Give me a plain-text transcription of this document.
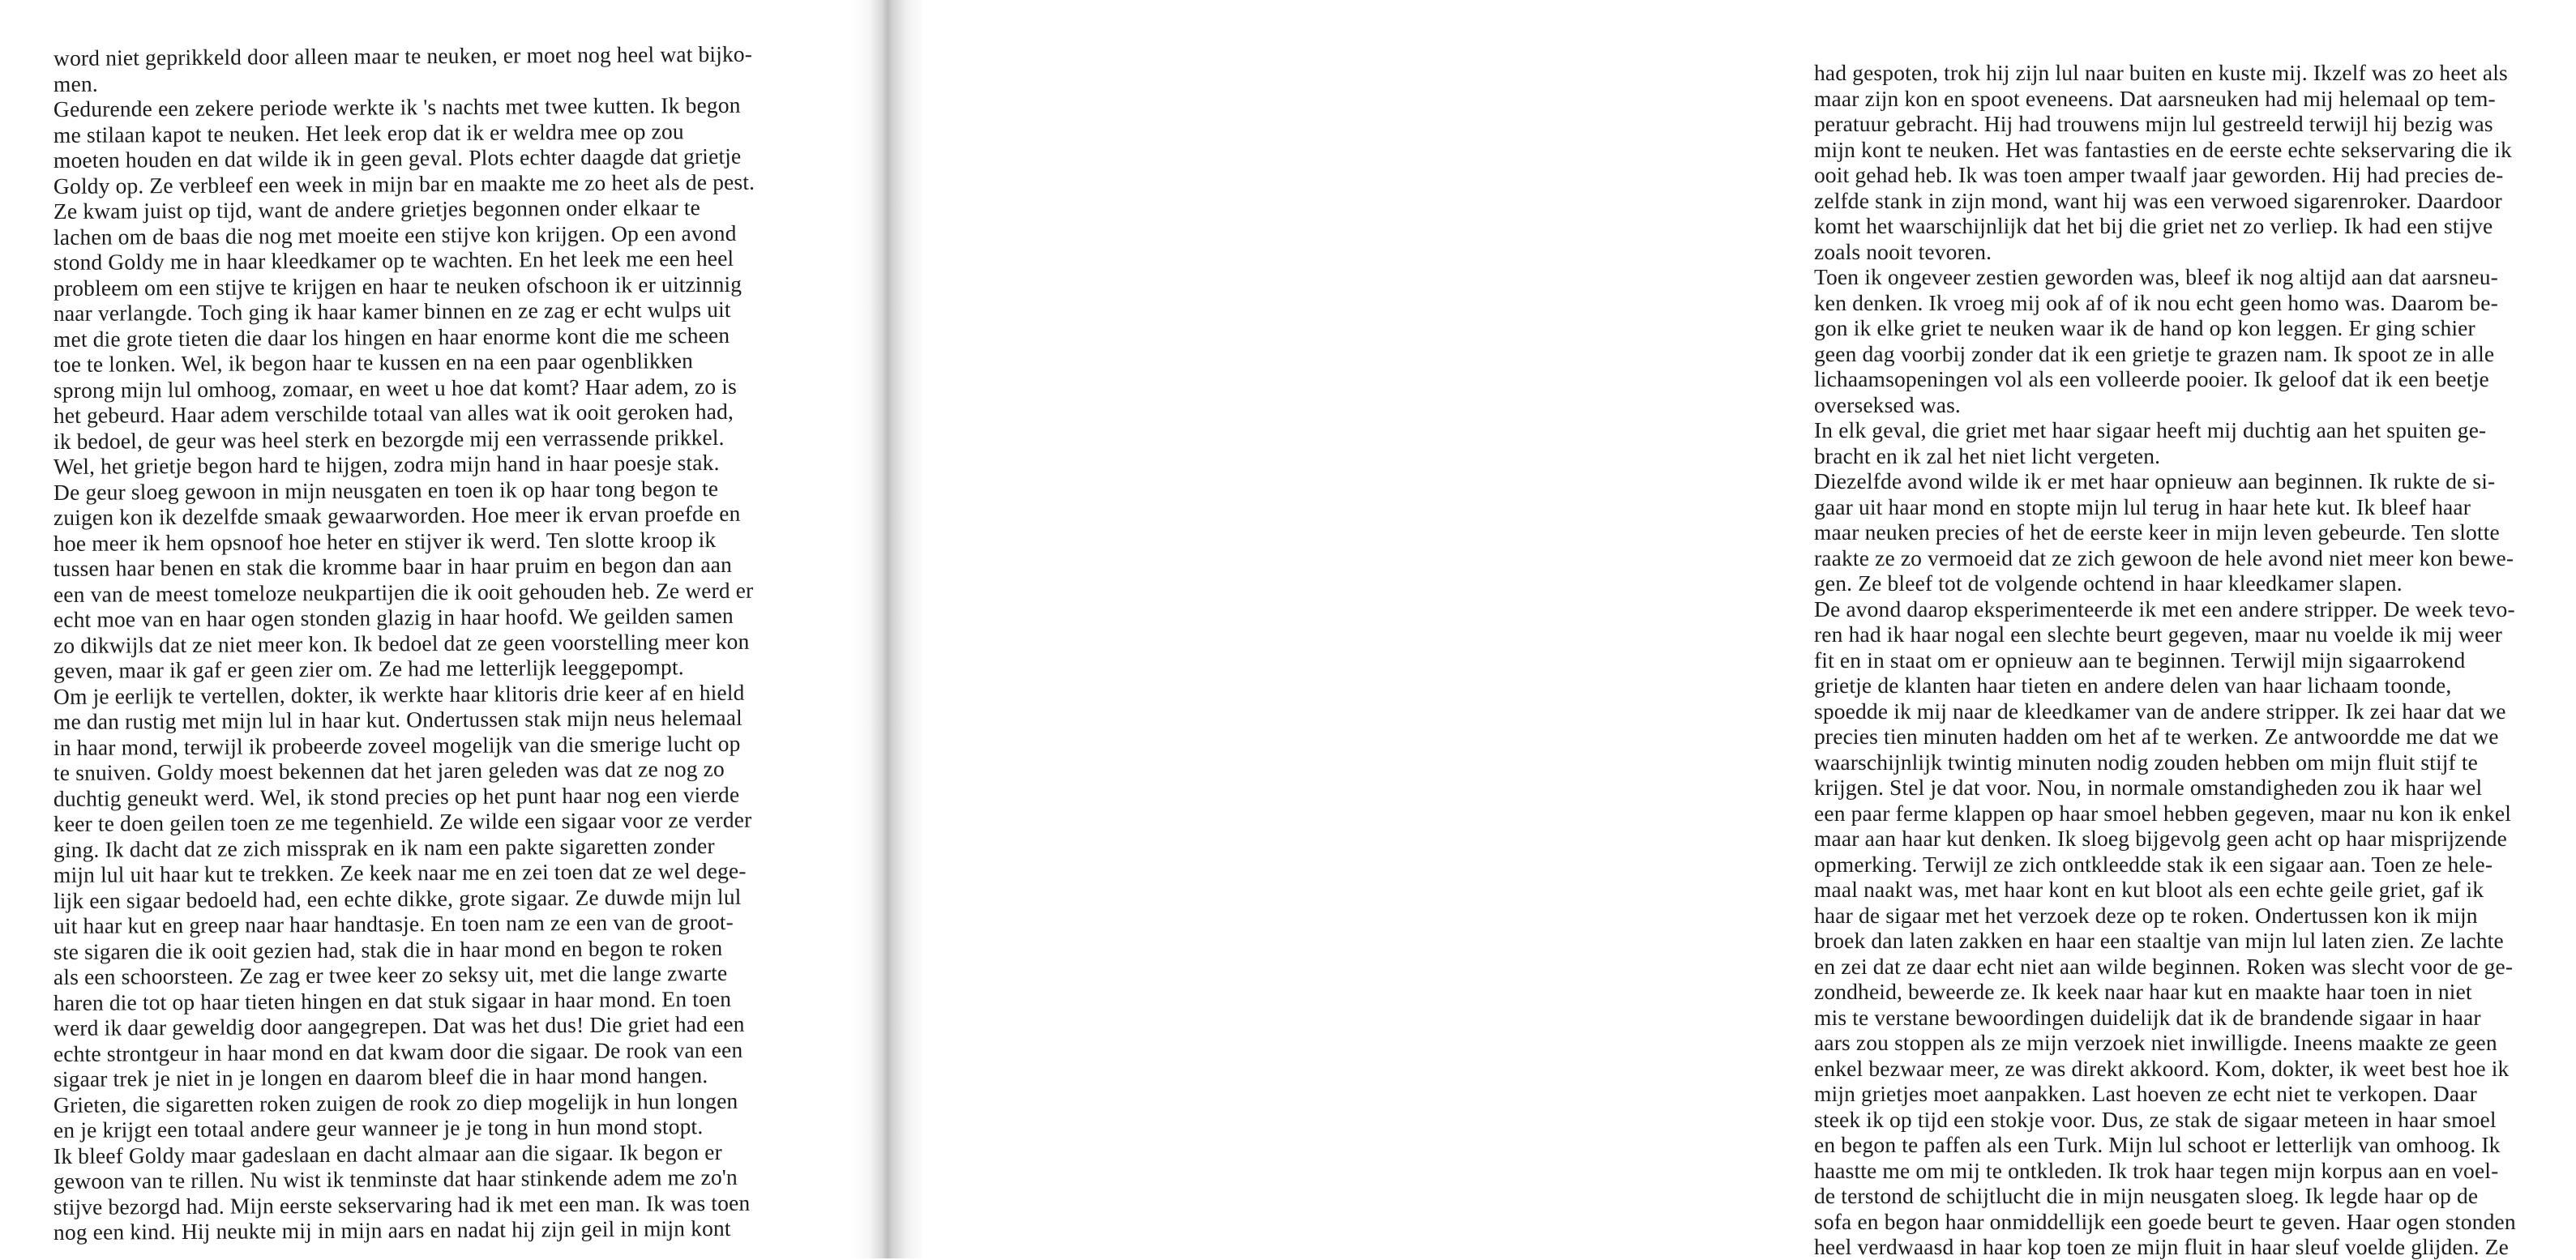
word niet geprikkeld door alleen maar te neuken, er moet nog heel wat bijko-
men.
Gedurende een zekere periode werkte ik 's nachts met twee kutten. Ik begon
me stilaan kapot te neuken. Het leek erop dat ik er weldra mee op zou
moeten houden en dat wilde ik in geen geval. Plots echter daagde dat grietje
Goldy op. Ze verbleef een week in mijn bar en maakte me zo heet als de pest.
Ze kwam juist op tijd, want de andere grietjes begonnen onder elkaar te
lachen om de baas die nog met moeite een stijve kon krijgen. Op een avond
stond Goldy me in haar kleedkamer op te wachten. En het leek me een heel
probleem om een stijve te krijgen en haar te neuken ofschoon ik er uitzinnig
naar verlangde. Toch ging ik haar kamer binnen en ze zag er echt wulps uit
met die grote tieten die daar los hingen en haar enorme kont die me scheen
toe te lonken. Wel, ik begon haar te kussen en na een paar ogenblikken
sprong mijn lul omhoog, zomaar, en weet u hoe dat komt? Haar adem, zo is
het gebeurd. Haar adem verschilde totaal van alles wat ik ooit geroken had,
ik bedoel, de geur was heel sterk en bezorgde mij een verrassende prikkel.
Wel, het grietje begon hard te hijgen, zodra mijn hand in haar poesje stak.
De geur sloeg gewoon in mijn neusgaten en toen ik op haar tong begon te
zuigen kon ik dezelfde smaak gewaarworden. Hoe meer ik ervan proefde en
hoe meer ik hem opsnoof hoe heter en stijver ik werd. Ten slotte kroop ik
tussen haar benen en stak die kromme baar in haar pruim en begon dan aan
een van de meest tomeloze neukpartijen die ik ooit gehouden heb. Ze werd er
echt moe van en haar ogen stonden glazig in haar hoofd. We geilden samen
zo dikwijls dat ze niet meer kon. Ik bedoel dat ze geen voorstelling meer kon
geven, maar ik gaf er geen zier om. Ze had me letterlijk leeggepompt.
Om je eerlijk te vertellen, dokter, ik werkte haar klitoris drie keer af en hield
me dan rustig met mijn lul in haar kut. Ondertussen stak mijn neus helemaal
in haar mond, terwijl ik probeerde zoveel mogelijk van die smerige lucht op
te snuiven. Goldy moest bekennen dat het jaren geleden was dat ze nog zo
duchtig geneukt werd. Wel, ik stond precies op het punt haar nog een vierde
keer te doen geilen toen ze me tegenhield. Ze wilde een sigaar voor ze verder
ging. Ik dacht dat ze zich missprak en ik nam een pakte sigaretten zonder
mijn lul uit haar kut te trekken. Ze keek naar me en zei toen dat ze wel dege-
lijk een sigaar bedoeld had, een echte dikke, grote sigaar. Ze duwde mijn lul
uit haar kut en greep naar haar handtasje. En toen nam ze een van de groot-
ste sigaren die ik ooit gezien had, stak die in haar mond en begon te roken
als een schoorsteen. Ze zag er twee keer zo seksy uit, met die lange zwarte
haren die tot op haar tieten hingen en dat stuk sigaar in haar mond. En toen
werd ik daar geweldig door aangegrepen. Dat was het dus! Die griet had een
echte strontgeur in haar mond en dat kwam door die sigaar. De rook van een
sigaar trek je niet in je longen en daarom bleef die in haar mond hangen.
Grieten, die sigaretten roken zuigen de rook zo diep mogelijk in hun longen
en je krijgt een totaal andere geur wanneer je je tong in hun mond stopt.
Ik bleef Goldy maar gadeslaan en dacht almaar aan die sigaar. Ik begon er
gewoon van te rillen. Nu wist ik tenminste dat haar stinkende adem me zo'n
stijve bezorgd had. Mijn eerste sekservaring had ik met een man. Ik was toen
nog een kind. Hij neukte mij in mijn aars en nadat hij zijn geil in mijn kont
had gespoten, trok hij zijn lul naar buiten en kuste mij. Ikzelf was zo heet als
maar zijn kon en spoot eveneens. Dat aarsneuken had mij helemaal op tem-
peratuur gebracht. Hij had trouwens mijn lul gestreeld terwijl hij bezig was
mijn kont te neuken. Het was fantasties en de eerste echte sekservaring die ik
ooit gehad heb. Ik was toen amper twaalf jaar geworden. Hij had precies de-
zelfde stank in zijn mond, want hij was een verwoed sigarenroker. Daardoor
komt het waarschijnlijk dat het bij die griet net zo verliep. Ik had een stijve
zoals nooit tevoren.
Toen ik ongeveer zestien geworden was, bleef ik nog altijd aan dat aarsneu-
ken denken. Ik vroeg mij ook af of ik nou echt geen homo was. Daarom be-
gon ik elke griet te neuken waar ik de hand op kon leggen. Er ging schier
geen dag voorbij zonder dat ik een grietje te grazen nam. Ik spoot ze in alle
lichaamsopeningen vol als een volleerde pooier. Ik geloof dat ik een beetje
overseksed was.
In elk geval, die griet met haar sigaar heeft mij duchtig aan het spuiten ge-
bracht en ik zal het niet licht vergeten.
Diezelfde avond wilde ik er met haar opnieuw aan beginnen. Ik rukte de si-
gaar uit haar mond en stopte mijn lul terug in haar hete kut. Ik bleef haar
maar neuken precies of het de eerste keer in mijn leven gebeurde. Ten slotte
raakte ze zo vermoeid dat ze zich gewoon de hele avond niet meer kon bewe-
gen. Ze bleef tot de volgende ochtend in haar kleedkamer slapen.
De avond daarop eksperimenteerde ik met een andere stripper. De week tevo-
ren had ik haar nogal een slechte beurt gegeven, maar nu voelde ik mij weer
fit en in staat om er opnieuw aan te beginnen. Terwijl mijn sigaarrokend
grietje de klanten haar tieten en andere delen van haar lichaam toonde,
spoedde ik mij naar de kleedkamer van de andere stripper. Ik zei haar dat we
precies tien minuten hadden om het af te werken. Ze antwoordde me dat we
waarschijnlijk twintig minuten nodig zouden hebben om mijn fluit stijf te
krijgen. Stel je dat voor. Nou, in normale omstandigheden zou ik haar wel
een paar ferme klappen op haar smoel hebben gegeven, maar nu kon ik enkel
maar aan haar kut denken. Ik sloeg bijgevolg geen acht op haar misprijzende
opmerking. Terwijl ze zich ontkleedde stak ik een sigaar aan. Toen ze hele-
maal naakt was, met haar kont en kut bloot als een echte geile griet, gaf ik
haar de sigaar met het verzoek deze op te roken. Ondertussen kon ik mijn
broek dan laten zakken en haar een staaltje van mijn lul laten zien. Ze lachte
en zei dat ze daar echt niet aan wilde beginnen. Roken was slecht voor de ge-
zondheid, beweerde ze. Ik keek naar haar kut en maakte haar toen in niet
mis te verstane bewoordingen duidelijk dat ik de brandende sigaar in haar
aars zou stoppen als ze mijn verzoek niet inwilligde. Ineens maakte ze geen
enkel bezwaar meer, ze was direkt akkoord. Kom, dokter, ik weet best hoe ik
mijn grietjes moet aanpakken. Last hoeven ze echt niet te verkopen. Daar
steek ik op tijd een stokje voor. Dus, ze stak de sigaar meteen in haar smoel
en begon te paffen als een Turk. Mijn lul schoot er letterlijk van omhoog. Ik
haastte me om mij te ontkleden. Ik trok haar tegen mijn korpus aan en voel-
de terstond de schijtlucht die in mijn neusgaten sloeg. Ik legde haar op de
sofa en begon haar onmiddellijk een goede beurt te geven. Haar ogen stonden
heel verdwaasd in haar kop toen ze mijn fluit in haar sleuf voelde glijden. Ze
